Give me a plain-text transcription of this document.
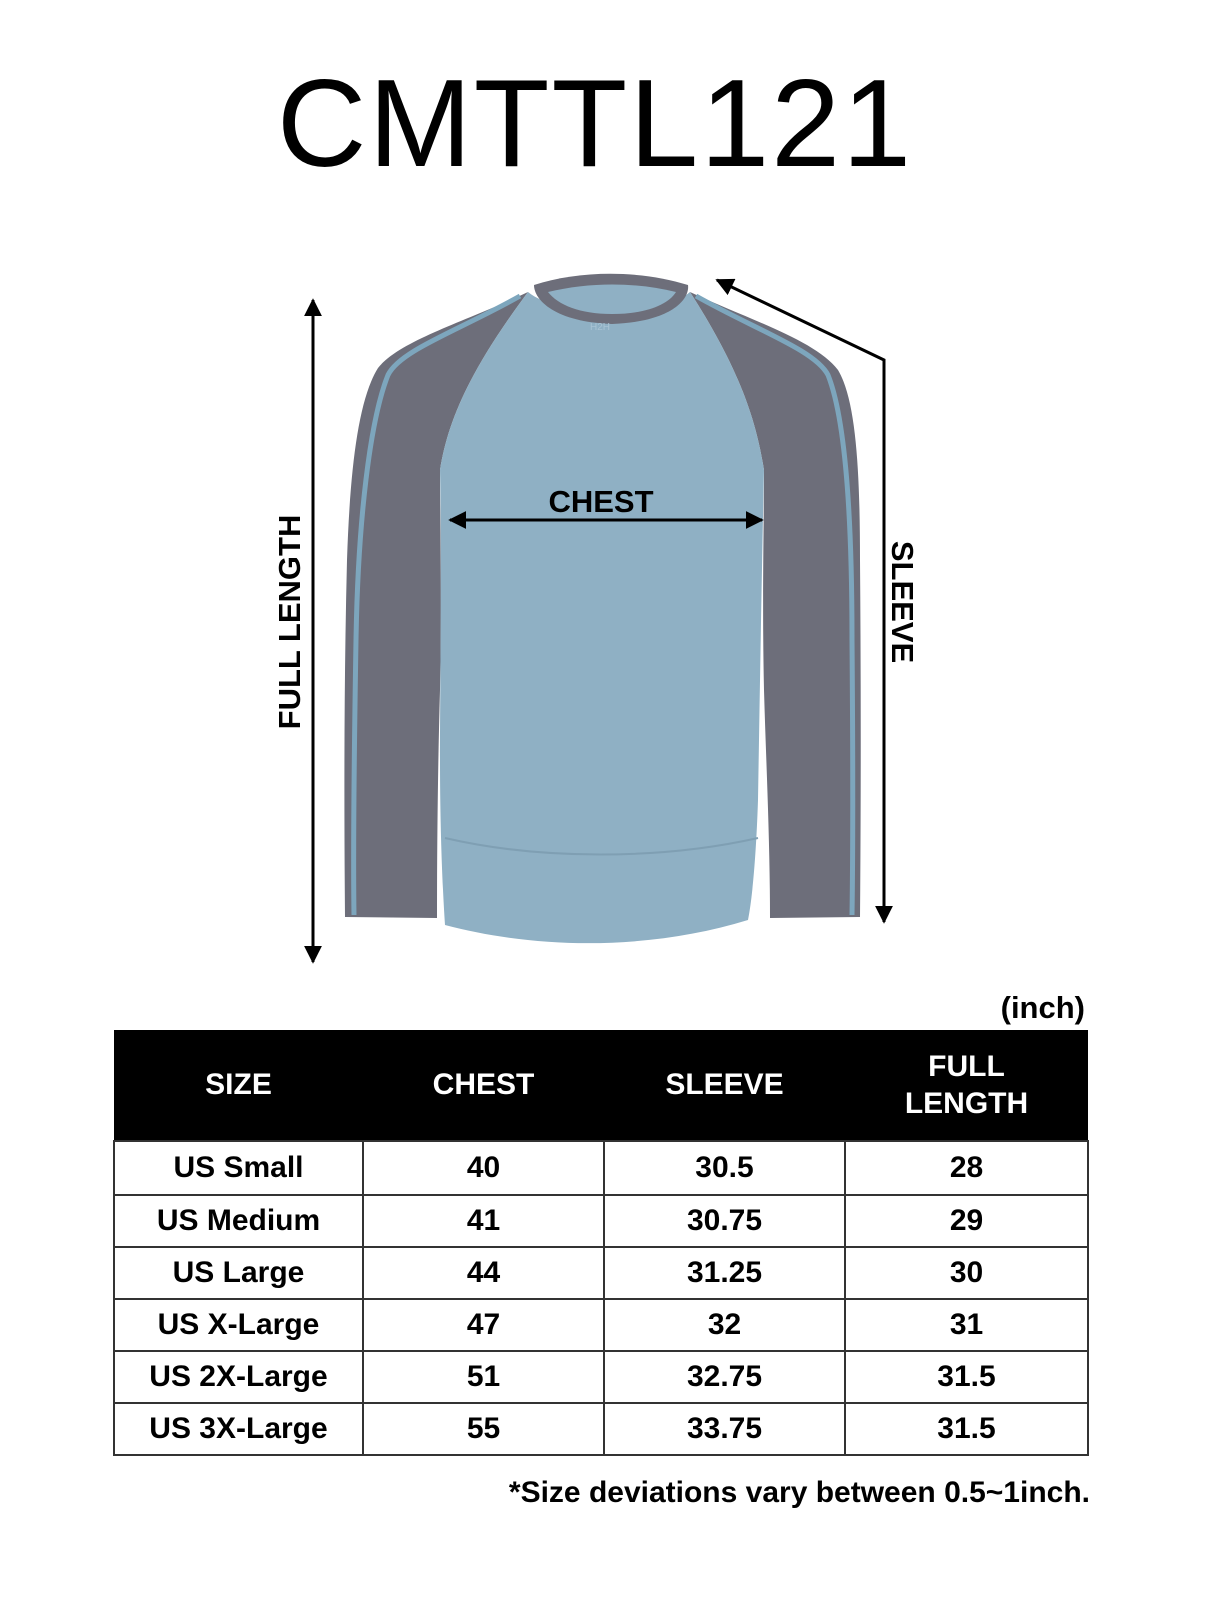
CMTTL121
H2H
CHEST
FULL LENGTH	SLEEVE
(inch)
SIZE	CHEST	SLEEVE	FULL
LENGTH
US Small	40	30.5	28
US Medium	41	30.75	29
US Large	44	31.25	30
US X-Large	47	32	31
US 2X-Large	51	32.75	31.5
US 3X-Large	55	33.75	31.5
*Size deviations vary between 0.5~1inch.
